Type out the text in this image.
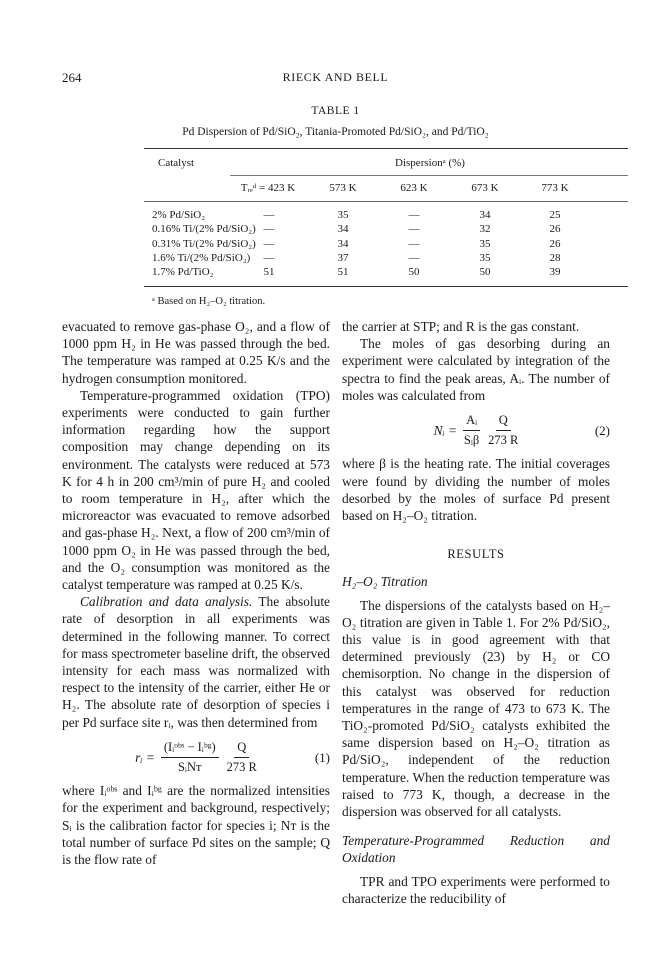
264	RIECK AND BELL
TABLE 1
Pd Dispersion of Pd/SiO₂, Titania-Promoted Pd/SiO₂, and Pd/TiO₂
Catalyst	Dispersionᵃ (%)
Tᵣₑᵈ = 423 K	573 K	623 K	673 K	773 K
2% Pd/SiO₂	—	35	—	34	25
0.16% Ti/(2% Pd/SiO₂) —	34	—	32	26
0.31% Ti/(2% Pd/SiO₂) —	34	—	35	26
1.6% Ti/(2% Pd/SiO₂)	—	37	—	35	28
1.7% Pd/TiO₂	51	51	50	50	39
ᵃ Based on H₂–O₂ titration.

evacuated to remove gas-phase O₂, and a flow of 1000 ppm H₂ in He was passed through the bed. The temperature was ramped at 0.25 K/s and the hydrogen consumption monitored.

Temperature-programmed oxidation (TPO) experiments were conducted to gain further information regarding how the support composition may change depending on its environment. The catalysts were reduced at 573 K for 4 h in 200 cm³/min of pure H₂ and cooled to room temperature in H₂, after which the microreactor was evacuated to remove adsorbed and gas-phase H₂. Next, a flow of 200 cm³/min of 1000 ppm O₂ in He was passed through the bed, and the O₂ consumption was monitored as the catalyst temperature was ramped at 0.25 K/s.

Calibration and data analysis. The absolute rate of desorption in all experiments was determined in the following manner. To correct for mass spectrometer baseline drift, the observed intensity for each mass was normalized with respect to the intensity of the carrier, either He or H₂. The absolute rate of desorption of species i per Pd surface site rᵢ, was then determined from

rᵢ = $\frac{\text{(Iᵢᵒᵇˢ − Iᵢᵇᵍ)}}{\text{SᵢNᴛ}} \frac{Q}{273 R}$	(1)

where Iᵢᵒᵇˢ and Iᵢᵇᵍ are the normalized intensities for the experiment and background, respectively; Sᵢ is the calibration factor for species i; Nᴛ is the total number of surface Pd sites on the sample; Q is the flow rate of

the carrier at STP; and R is the gas constant.

The moles of gas desorbing during an experiment were calculated by integration of the spectra to find the peak areas, Aᵢ. The number of moles was calculated from

Nᵢ = $\frac{\text{Aᵢ}}{\text{Sᵢβ}} \frac{Q}{273 R}$	(2)

where β is the heating rate. The initial coverages were found by dividing the number of moles desorbed by the moles of surface Pd present based on H₂–O₂ titration.

RESULTS
H₂–O₂ Titration

The dispersions of the catalysts based on H₂–O₂ titration are given in Table 1. For 2% Pd/SiO₂, this value is in good agreement with that determined previously (23) by H₂ or CO chemisorption. No change in the dispersion of this catalyst was observed for reduction temperatures in the range of 473 to 673 K. The TiO₂-promoted Pd/SiO₂ catalysts exhibited the same dispersion based on H₂–O₂ titration as Pd/SiO₂, independent of the reduction temperature. When the reduction temperature was raised to 773 K, though, a decrease in the dispersion was observed for all catalysts.

Temperature-Programmed Reduction and Oxidation

TPR and TPO experiments were performed to characterize the reducibility of
